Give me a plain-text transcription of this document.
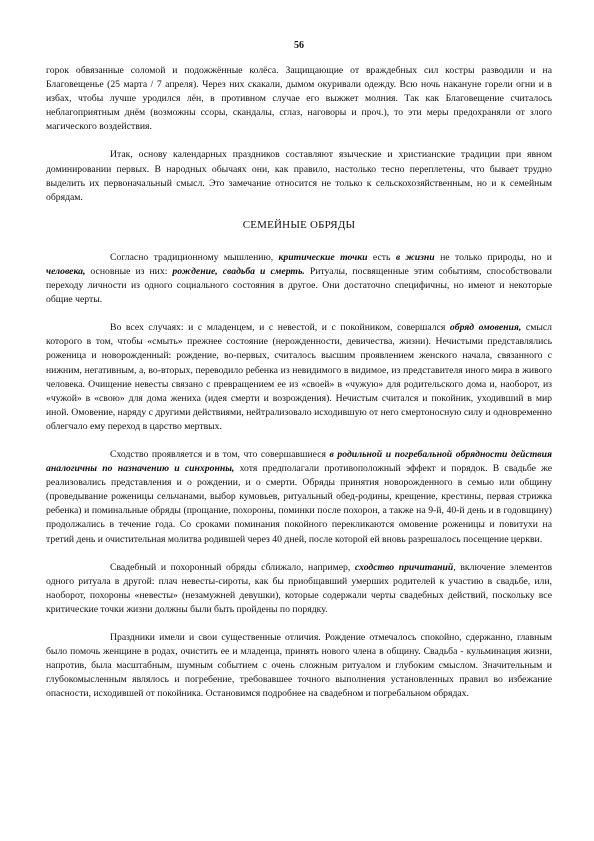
56

горок обвязанные соломой и подожжённые колёса. Защищающие от враждебных сил костры разводили и на Благовещенье (25 марта / 7 апреля). Через них скакали, дымом окуривали одежду. Всю ночь накануне горели огни и в избах, чтобы лучше уродился лён, в противном случае его выжжет молния. Так как Благовещение считалось неблагоприятным днём (возможны ссоры, скандалы, сглаз, наговоры и проч.), то эти меры предохраняли от злого магического воздействия.

Итак, основу календарных праздников составляют языческие и христианские традиции при явном доминировании первых. В народных обычаях они, как правило, настолько тесно переплетены, что бывает трудно выделить их первоначальный смысл. Это замечание относится не только к сельскохозяйственным, но и к семейным обрядам.

СЕМЕЙНЫЕ ОБРЯДЫ

Согласно традиционному мышлению, критические точки есть в жизни не только природы, но и человека, основные из них: рождение, свадьба и смерть. Ритуалы, посвященные этим событиям, способствовали переходу личности из одного социального состояния в другое. Они достаточно специфичны, но имеют и некоторые общие черты.

Во всех случаях: и с младенцем, и с невестой, и с покойником, совершался обряд омовения, смысл которого в том, чтобы «смыть» прежнее состояние (нерожденности, девичества, жизни). Нечистыми представлялись роженица и новорожденный: рождение, во-первых, считалось высшим проявлением женского начала, связанного с нижним, негативным, а, во-вторых, переводило ребенка из невидимого в видимое, из представителя иного мира в живого человека. Очищение невесты связано с превращением ее из «своей» в «чужую» для родительского дома и, наоборот, из «чужой» в «свою» для дома жениха (идея смерти и возрождения). Нечистым считался и покойник, уходивший в мир иной. Омовение, наряду с другими действиями, нейтрализовало исходившую от него смертоносную силу и одновременно облегчало ему переход в царство мертвых.

Сходство проявляется и в том, что совершавшиеся в родильной и погребальной обрядности действия аналогичны по назначению и синхронны, хотя предполагали противоположный эффект и порядок. В свадьбе же реализовались представления и о рождении, и о смерти. Обряды принятия новорожденного в семью или общину (проведывание роженицы сельчанами, выбор кумовьев, ритуальный обед-родины, крещение, крестины, первая стрижка ребенка) и поминальные обряды (прощание, похороны, поминки после похорон, а также на 9-й, 40-й день и в годовщину) продолжались в течение года. Со сроками поминания покойного перекликаются омовение роженицы и повитухи на третий день и очистительная молитва родившей через 40 дней, после которой ей вновь разрешалось посещение церкви.

Свадебный и похоронный обряды сближало, например, сходство причитаний, включение элементов одного ритуала в другой: плач невесты-сироты, как бы приобщавший умерших родителей к участию в свадьбе, или, наоборот, похороны «невесты» (незамужней девушки), которые содержали черты свадебных действий, поскольку все критические точки жизни должны были быть пройдены по порядку.

Праздники имели и свои существенные отличия. Рождение отмечалось спокойно, сдержанно, главным было помочь женщине в родах, очистить ее и младенца, принять нового члена в общину. Свадьба - кульминация жизни, напротив, была масштабным, шумным событием с очень сложным ритуалом и глубоким смыслом. Значительным и глубокомысленным являлось и погребение, требовавшее точного выполнения установленных правил во избежание опасности, исходившей от покойника. Остановимся подробнее на свадебном и погребальном обрядах.
